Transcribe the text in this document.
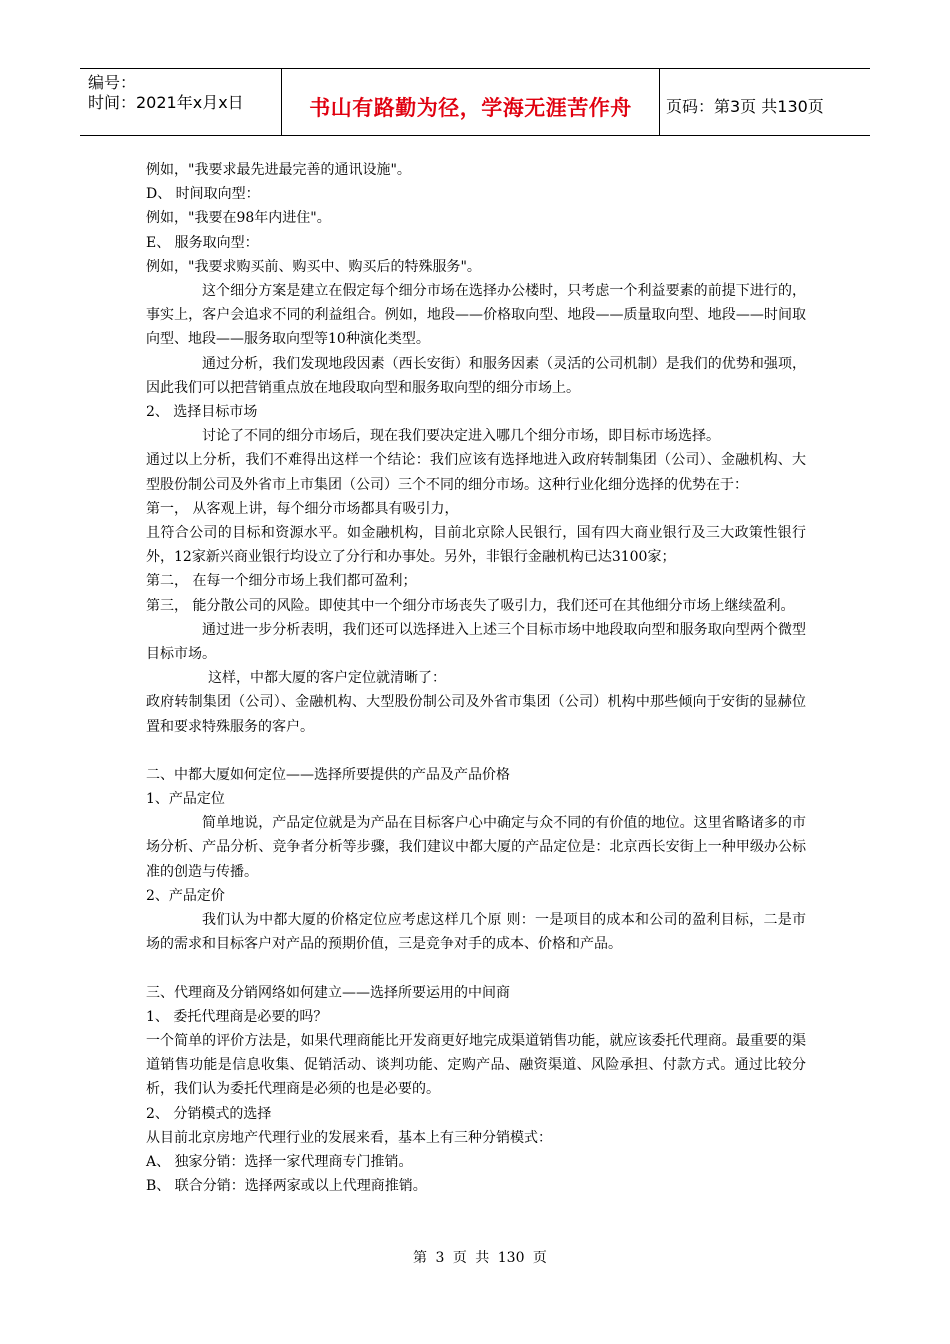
编号：
时间：2021年x月x日	书山有路勤为径，学海无涯苦作舟 页码：第3页 共130页

例如，"我要求最先进最完善的通讯设施"。

D、 时间取向型：

例如，"我要在98年内进住"。

E、 服务取向型：

例如，"我要求购买前、购买中、购买后的特殊服务"。

这个细分方案是建立在假定每个细分市场在选择办公楼时，只考虑一个利益要素的前提下进行的，事实上，客户会追求不同的利益组合。例如，地段——价格取向型、地段——质量取向型、地段——时间取向型、地段——服务取向型等10种演化类型。

通过分析，我们发现地段因素（西长安街）和服务因素（灵活的公司机制）是我们的优势和强项，因此我们可以把营销重点放在地段取向型和服务取向型的细分市场上。

2、 选择目标市场

讨论了不同的细分市场后，现在我们要决定进入哪几个细分市场，即目标市场选择。

通过以上分析，我们不难得出这样一个结论：我们应该有选择地进入政府转制集团（公司）、金融机构、大型股份制公司及外省市上市集团（公司）三个不同的细分市场。这种行业化细分选择的优势在于：

第一， 从客观上讲，每个细分市场都具有吸引力，

且符合公司的目标和资源水平。如金融机构，目前北京除人民银行，国有四大商业银行及三大政策性银行外，12家新兴商业银行均设立了分行和办事处。另外，非银行金融机构已达3100家；

第二， 在每一个细分市场上我们都可盈利；

第三， 能分散公司的风险。即使其中一个细分市场丧失了吸引力，我们还可在其他细分市场上继续盈利。

通过进一步分析表明，我们还可以选择进入上述三个目标市场中地段取向型和服务取向型两个微型目标市场。

这样，中都大厦的客户定位就清晰了：

政府转制集团（公司）、金融机构、大型股份制公司及外省市集团（公司）机构中那些倾向于安街的显赫位置和要求特殊服务的客户。

二、中都大厦如何定位——选择所要提供的产品及产品价格

1、产品定位

简单地说，产品定位就是为产品在目标客户心中确定与众不同的有价值的地位。这里省略诸多的市场分析、产品分析、竞争者分析等步骤，我们建议中都大厦的产品定位是：北京西长安街上一种甲级办公标准的创造与传播。

2、产品定价

我们认为中都大厦的价格定位应考虑这样几个原 则：一是项目的成本和公司的盈利目标，二是市场的需求和目标客户对产品的预期价值，三是竞争对手的成本、价格和产品。

三、代理商及分销网络如何建立——选择所要运用的中间商

1、 委托代理商是必要的吗？

一个简单的评价方法是，如果代理商能比开发商更好地完成渠道销售功能，就应该委托代理商。最重要的渠道销售功能是信息收集、促销活动、谈判功能、定购产品、融资渠道、风险承担、付款方式。通过比较分析，我们认为委托代理商是必须的也是必要的。

2、 分销模式的选择

从目前北京房地产代理行业的发展来看，基本上有三种分销模式：

A、 独家分销：选择一家代理商专门推销。

B、 联合分销：选择两家或以上代理商推销。

第 3 页 共 130 页
